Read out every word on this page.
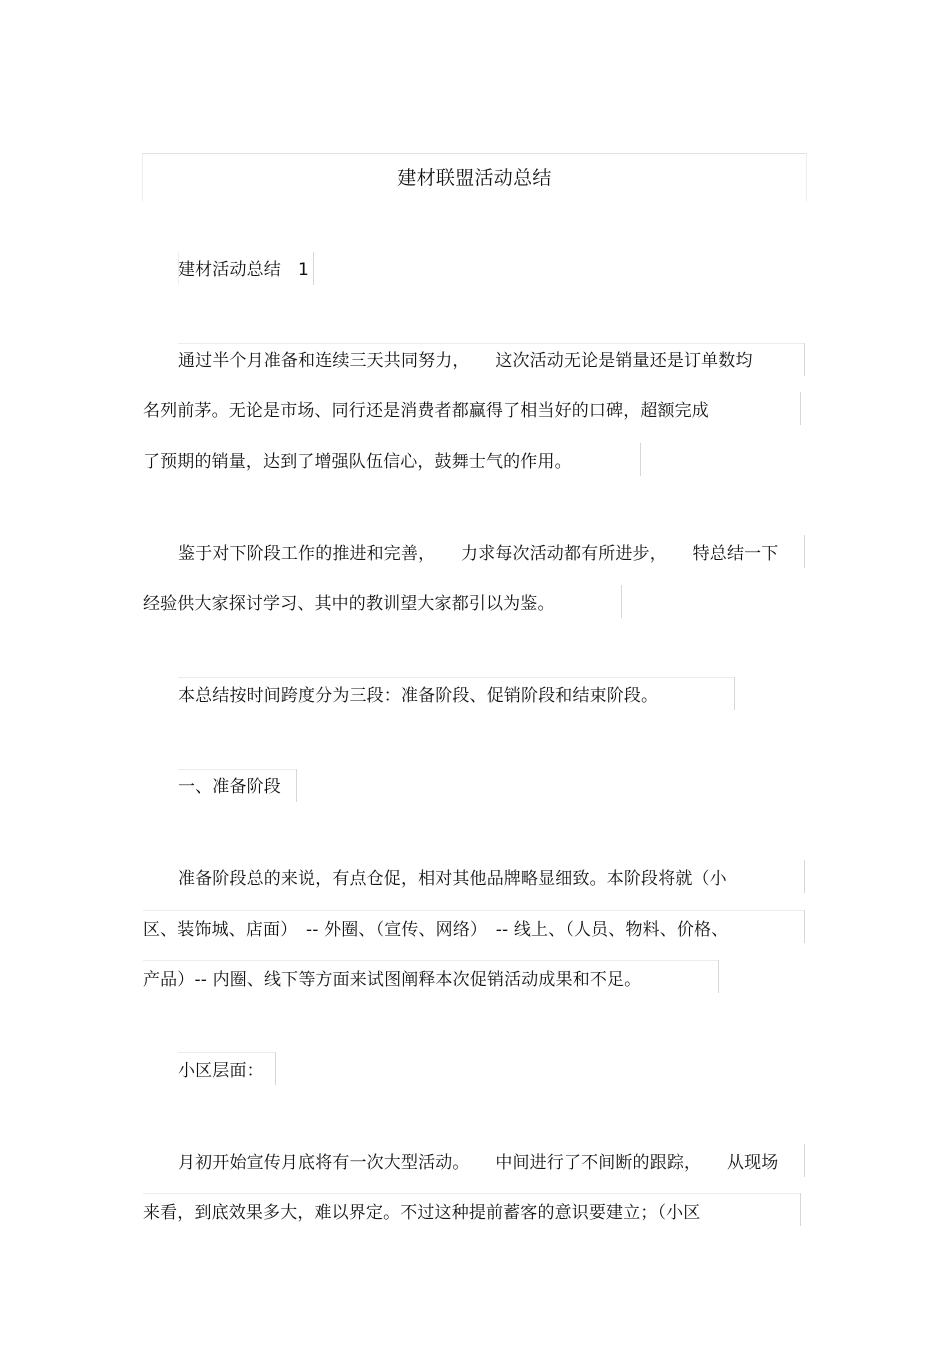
建材联盟活动总结
建材活动总结　1
通过半个月准备和连续三天共同努力，　　这次活动无论是销量还是订单数均
名列前茅。无论是市场、同行还是消费者都赢得了相当好的口碑，超额完成
了预期的销量，达到了增强队伍信心，鼓舞士气的作用。
鉴于对下阶段工作的推进和完善，　　力求每次活动都有所进步，　　特总结一下
经验供大家探讨学习、其中的教训望大家都引以为鉴。
本总结按时间跨度分为三段：准备阶段、促销阶段和结束阶段。
一、准备阶段
准备阶段总的来说，有点仓促，相对其他品牌略显细致。本阶段将就（小
区、装饰城、店面）　-- 外圈、（宣传、网络）　-- 线上、（人员、物料、价格、
产品）-- 内圈、线下等方面来试图阐释本次促销活动成果和不足。
小区层面：
月初开始宣传月底将有一次大型活动。　　中间进行了不间断的跟踪，　　从现场
来看，到底效果多大，难以界定。不过这种提前蓄客的意识要建立；（小区
